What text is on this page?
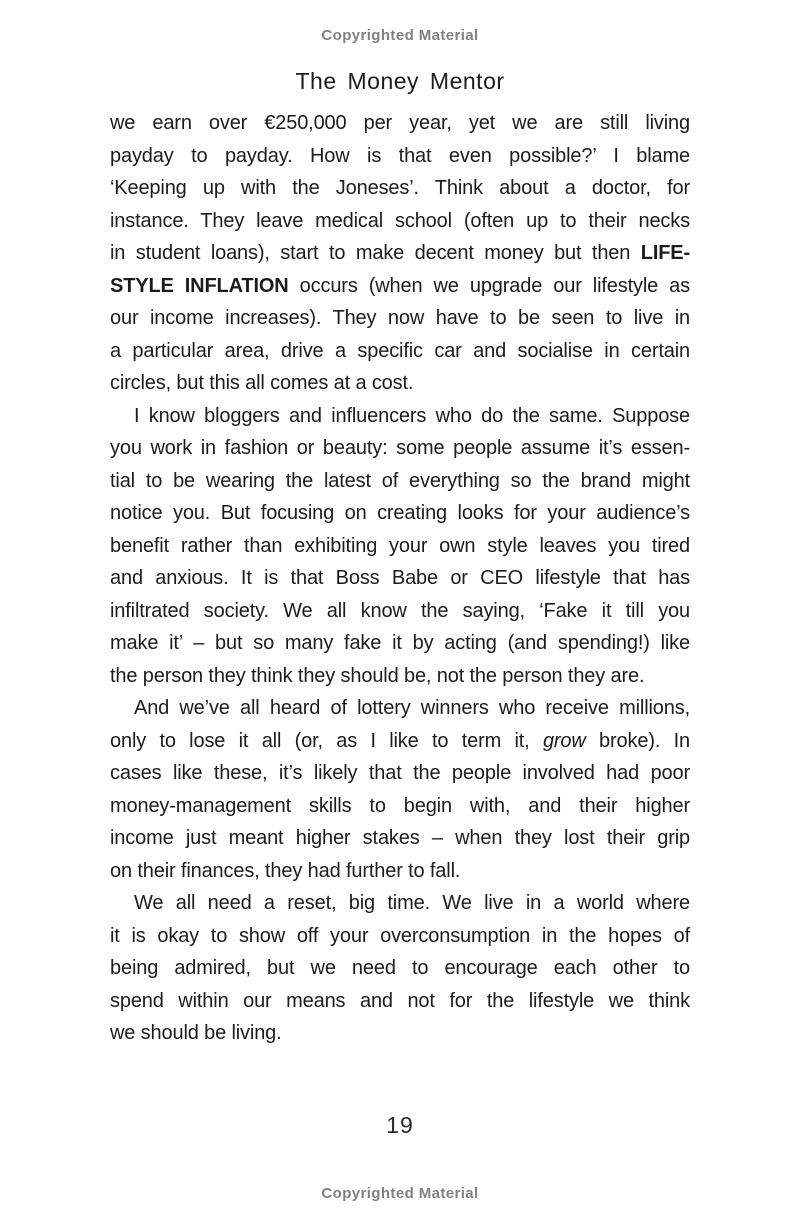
Copyrighted Material
The Money Mentor
we earn over €250,000 per year, yet we are still living
payday to payday. How is that even possible?’ I blame
‘Keeping up with the Joneses’. Think about a doctor, for
instance. They leave medical school (often up to their necks
in student loans), start to make decent money but then LIFE-
STYLE INFLATION occurs (when we upgrade our lifestyle as
our income increases). They now have to be seen to live in
a particular area, drive a specific car and socialise in certain
circles, but this all comes at a cost.
I know bloggers and influencers who do the same. Suppose
you work in fashion or beauty: some people assume it’s essen-
tial to be wearing the latest of everything so the brand might
notice you. But focusing on creating looks for your audience’s
benefit rather than exhibiting your own style leaves you tired
and anxious. It is that Boss Babe or CEO lifestyle that has
infiltrated society. We all know the saying, ‘Fake it till you
make it’ – but so many fake it by acting (and spending!) like
the person they think they should be, not the person they are.
And we’ve all heard of lottery winners who receive millions,
only to lose it all (or, as I like to term it, grow broke). In
cases like these, it’s likely that the people involved had poor
money-management skills to begin with, and their higher
income just meant higher stakes – when they lost their grip
on their finances, they had further to fall.
We all need a reset, big time. We live in a world where
it is okay to show off your overconsumption in the hopes of
being admired, but we need to encourage each other to
spend within our means and not for the lifestyle we think
we should be living.
19
Copyrighted Material
